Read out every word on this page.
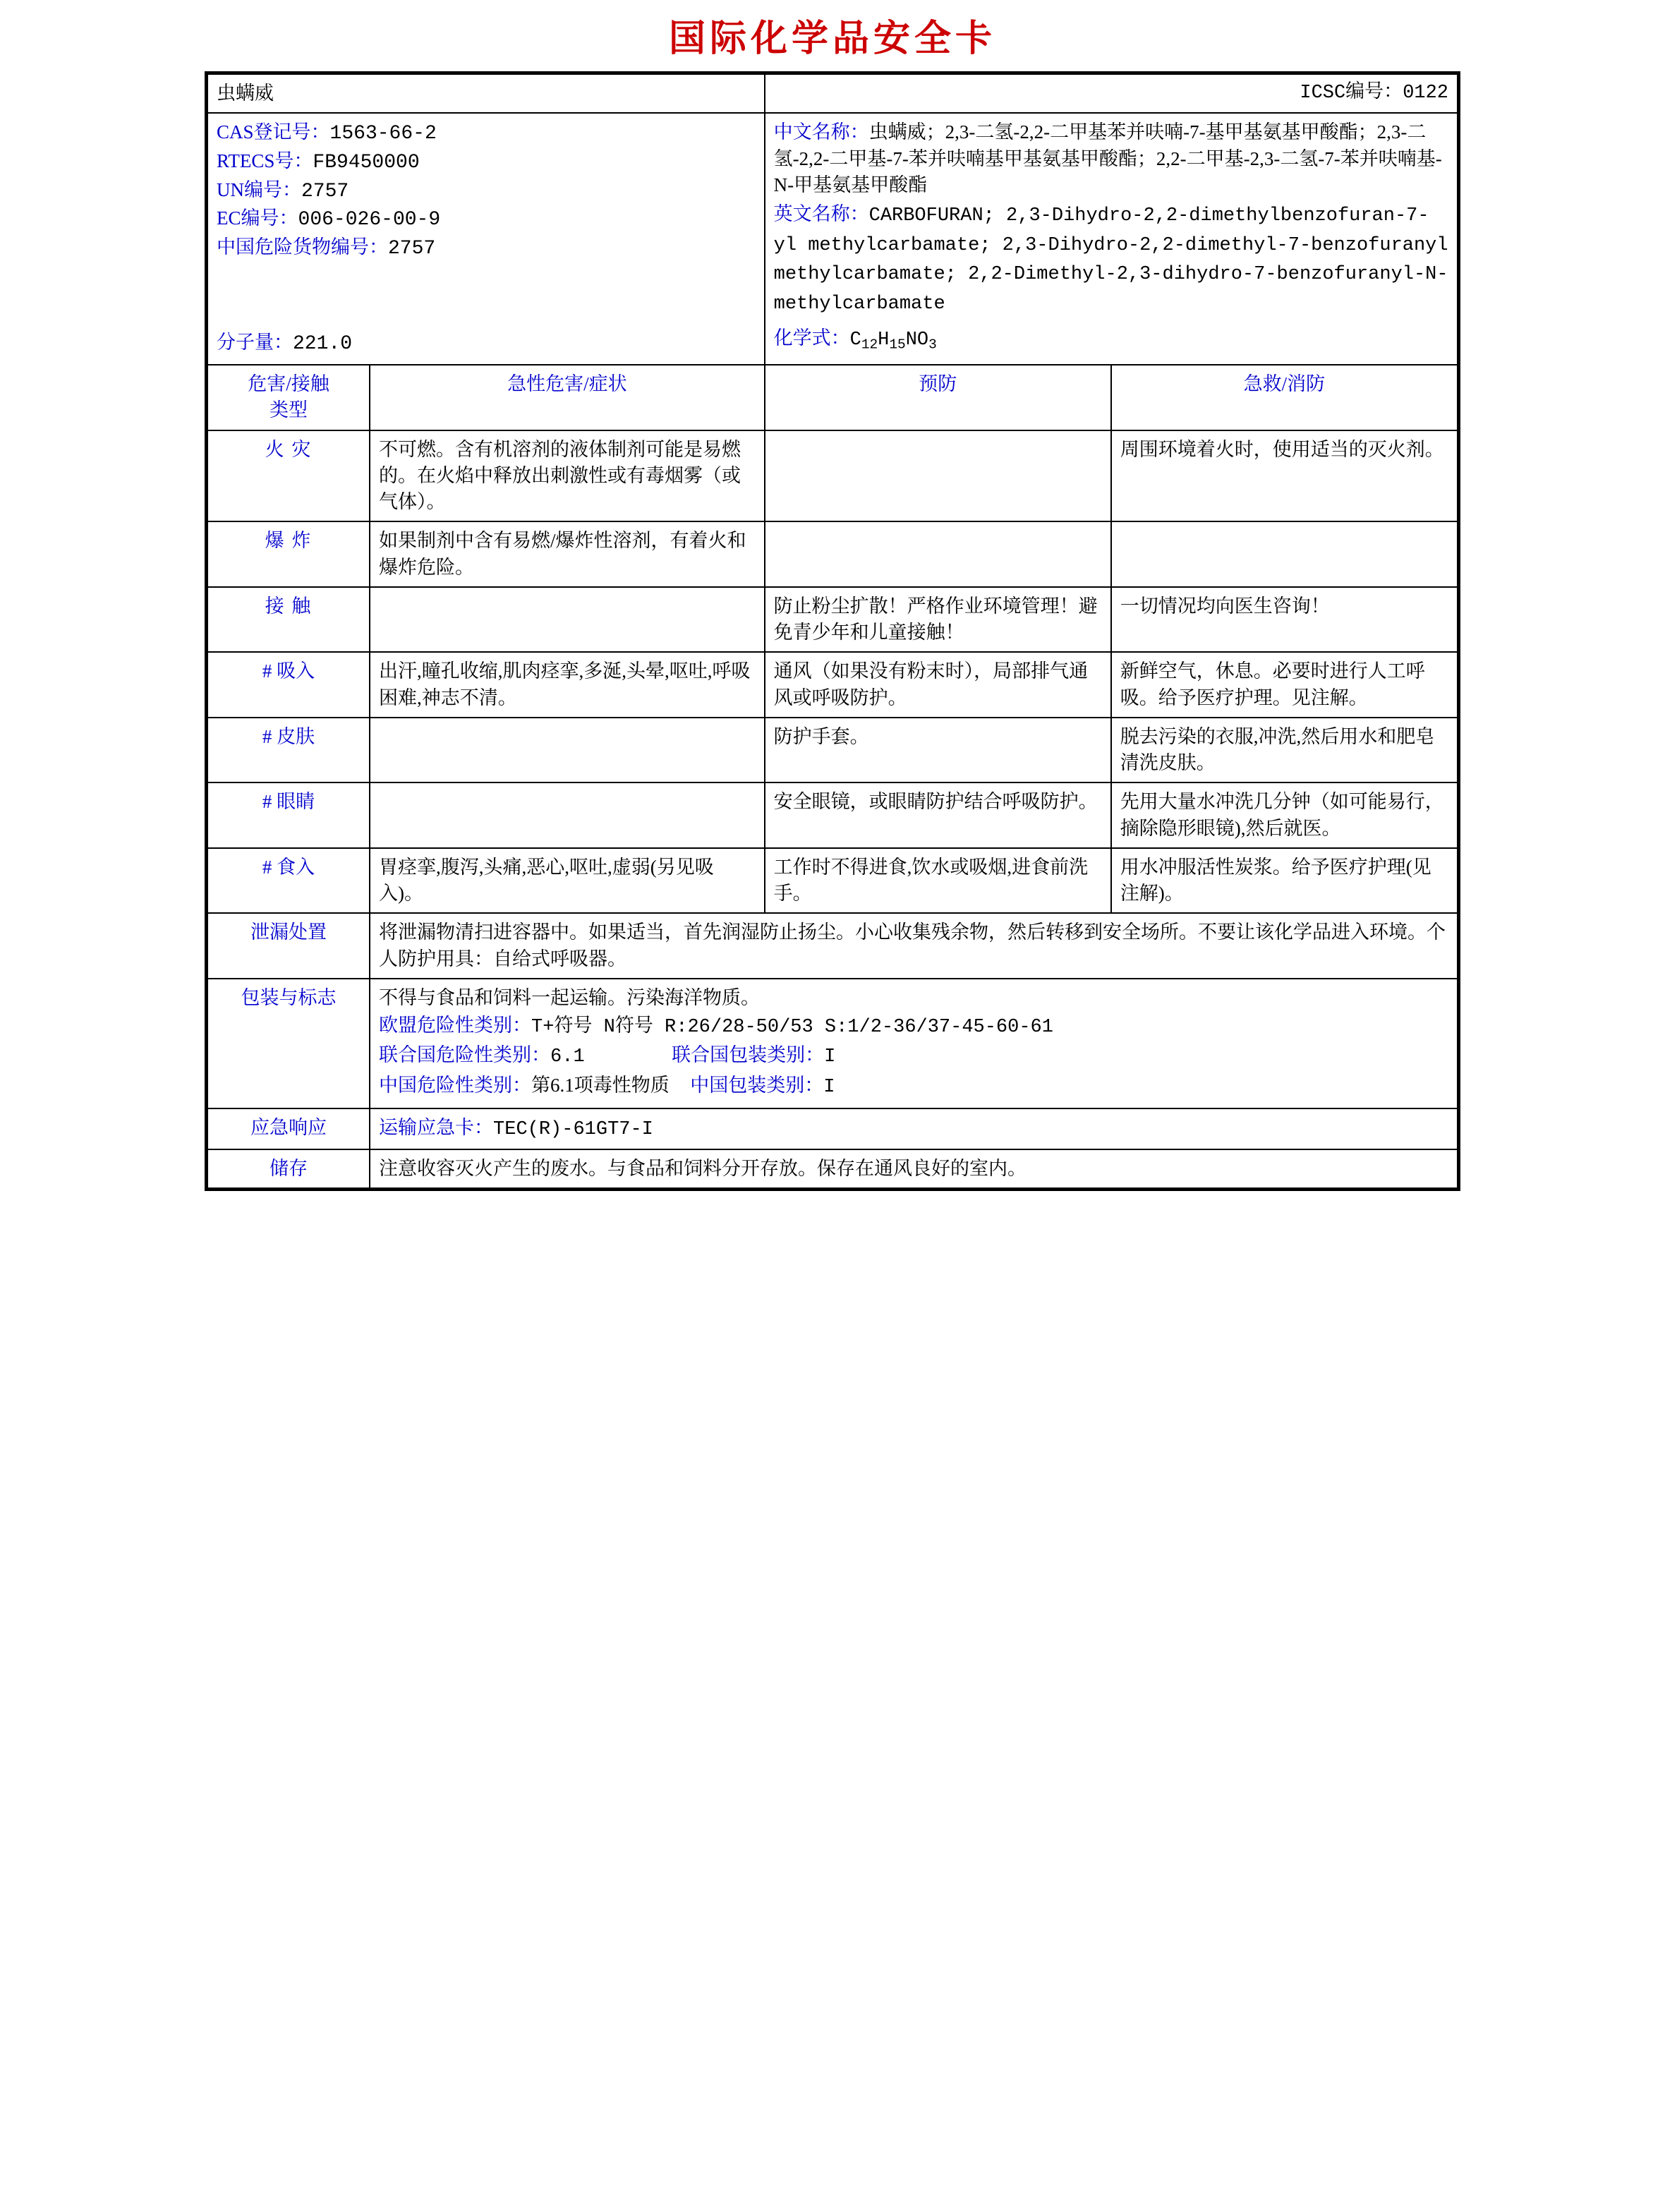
国际化学品安全卡
虫螨威		ICSC编号：0122	

CAS登记号：1563-66-2
RTECS号：FB9450000
UN编号：2757
EC编号：006-026-00-9
中国危险货物编号：2757
分子量：221.0

中文名称：虫螨威；2,3-二氢-2,2-二甲基苯并呋喃-7-基甲基氨基甲酸酯；2,3-二氢-2,2-二甲基-7-苯并呋喃基甲基氨基甲酸酯；2,2-二甲基-2,3-二氢-7-苯并呋喃基-N-甲基氨基甲酸酯
英文名称：CARBOFURAN; 2,3-Dihydro-2,2-dimethylbenzofuran-7-yl methylcarbamate; 2,3-Dihydro-2,2-dimethyl-7-benzofuranyl methylcarbamate; 2,2-Dimethyl-2,3-dihydro-7-benzofuranyl-N-methylcarbamate
化学式：$C_{12}H_{15}NO_3$

危害/接触
类型	急性危害/症状	预防	急救/消防
火 灾	不可燃。含有机溶剂的液体制剂可能是易燃的。在火焰中释放出刺激性或有毒烟雾（或气体）。		周围环境着火时，使用适当的灭火剂。
爆 炸	如果制剂中含有易燃/爆炸性溶剂，有着火和爆炸危险。		
接 触		防止粉尘扩散！严格作业环境管理！避免青少年和儿童接触！	一切情况均向医生咨询！
# 吸入	出汗,瞳孔收缩,肌肉痉挛,多涎,头晕,呕吐,呼吸困难,神志不清。	通风（如果没有粉末时），局部排气通风或呼吸防护。	新鲜空气，休息。必要时进行人工呼吸。给予医疗护理。见注解。
# 皮肤		防护手套。	脱去污染的衣服,冲洗,然后用水和肥皂清洗皮肤。
# 眼睛		安全眼镜，或眼睛防护结合呼吸防护。	先用大量水冲洗几分钟（如可能易行，摘除隐形眼镜),然后就医。
# 食入	胃痉挛,腹泻,头痛,恶心,呕吐,虚弱(另见吸入)。	工作时不得进食,饮水或吸烟,进食前洗手。	用水冲服活性炭浆。给予医疗护理(见注解)。
泄漏处置	将泄漏物清扫进容器中。如果适当，首先润湿防止扬尘。小心收集残余物，然后转移到安全场所。不要让该化学品进入环境。个人防护用具：自给式呼吸器。		
包装与标志	不得与食品和饲料一起运输。污染海洋物质。
欧盟危险性类别：T+符号 N符号 R:26/28-50/53 S:1/2-36/37-45-60-61
联合国危险性类别：6.1 联合国包装类别：I
中国危险性类别：第6.1项毒性物质 中国包装类别：I		

应急响应	运输应急卡：TEC(R)-61GT7-I		
储存	注意收容灭火产生的废水。与食品和饲料分开存放。保存在通风良好的室内。		
